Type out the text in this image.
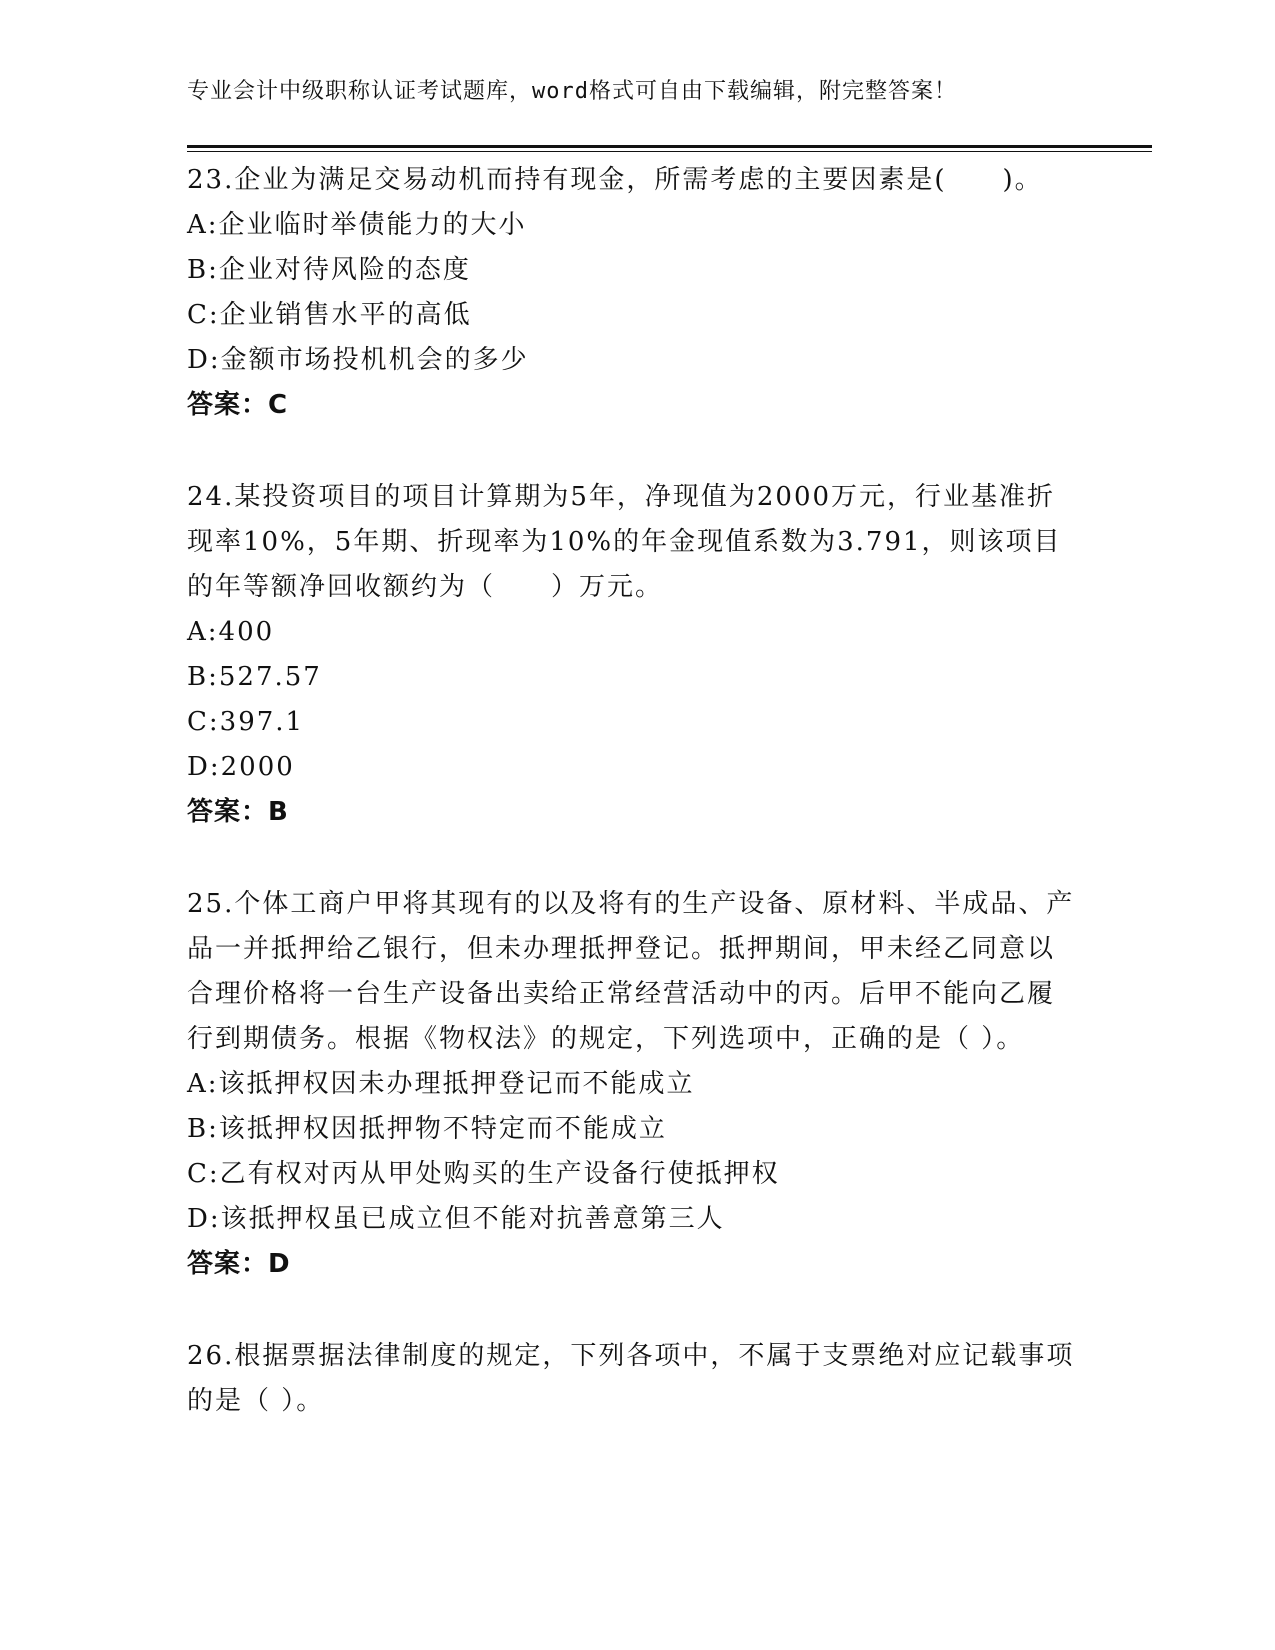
专业会计中级职称认证考试题库，word格式可自由下载编辑，附完整答案！

23.企业为满足交易动机而持有现金，所需考虑的主要因素是(　　)。

A:企业临时举债能力的大小
B:企业对待风险的态度
C:企业销售水平的高低
D:金额市场投机机会的多少
答案：C

24.某投资项目的项目计算期为5年，净现值为2000万元，行业基准折现率10%，5年期、折现率为10%的年金现值系数为3.791，则该项目的年等额净回收额约为（　　）万元。

A:400
B:527.57
C:397.1
D:2000
答案：B

25.个体工商户甲将其现有的以及将有的生产设备、原材料、半成品、产品一并抵押给乙银行，但未办理抵押登记。抵押期间，甲未经乙同意以合理价格将一台生产设备出卖给正常经营活动中的丙。后甲不能向乙履行到期债务。根据《物权法》的规定，下列选项中，正确的是（ ）。

A:该抵押权因未办理抵押登记而不能成立
B:该抵押权因抵押物不特定而不能成立
C:乙有权对丙从甲处购买的生产设备行使抵押权
D:该抵押权虽已成立但不能对抗善意第三人
答案：D

26.根据票据法律制度的规定，下列各项中，不属于支票绝对应记载事项的是（ ）。
